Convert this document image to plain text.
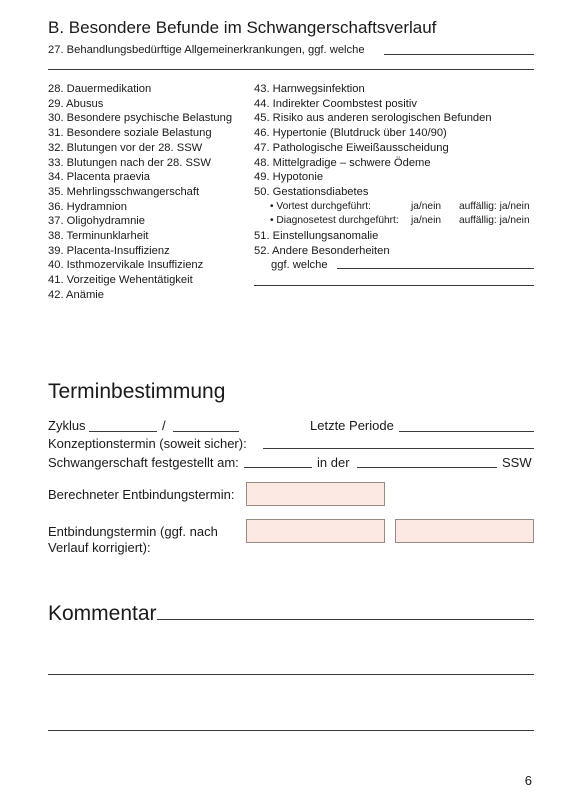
B. Besondere Befunde im Schwangerschaftsverlauf
27. Behandlungsbedürftige Allgemeinerkrankungen, ggf. welche
28. Dauermedikation
29. Abusus
30. Besondere psychische Belastung
31. Besondere soziale Belastung
32. Blutungen vor der 28. SSW
33. Blutungen nach der 28. SSW
34. Placenta praevia
35. Mehrlingsschwangerschaft
36. Hydramnion
37. Oligohydramnie
38. Terminunklarheit
39. Placenta-Insuffizienz
40. Isthmozervikale Insuffizienz
41. Vorzeitige Wehentätigkeit
42. Anämie
43. Harnwegsinfektion
44. Indirekter Coombstest positiv
45. Risiko aus anderen serologischen Befunden
46. Hypertonie (Blutdruck über 140/90)
47. Pathologische Eiweißausscheidung
48. Mittelgradige – schwere Ödeme
49. Hypotonie
50. Gestationsdiabetes
• Vortest durchgeführt:	ja/nein auffällig: ja/nein
• Diagnosetest durchgeführt: ja/nein auffällig: ja/nein
51. Einstellungsanomalie
52. Andere Besonderheiten
ggf. welche
Terminbestimmung
Zyklus	/	Letzte Periode
Konzeptionstermin (soweit sicher):
Schwangerschaft festgestellt am:	in der	SSW
Berechneter Entbindungstermin:
Entbindungstermin (ggf. nach Verlauf korrigiert):
Kommentar
6
